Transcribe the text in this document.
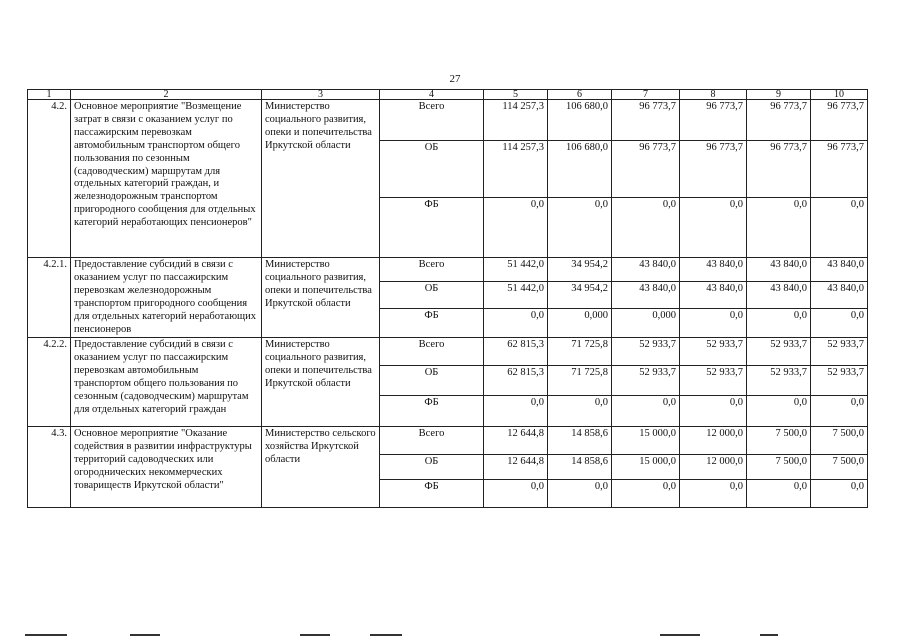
27
1	2	3	4	5	6	7	8	9	10
4.2.	Основное мероприятие "Возмещение затрат в связи с оказанием услуг по пассажирским перевозкам автомобильным транспортом общего пользования по сезонным (садоводческим) маршрутам для отдельных категорий граждан, и железнодорожным транспортом пригородного сообщения для отдельных категорий неработающих пенсионеров"	Министерство социального развития, опеки и попечительства Иркутской области	Всего	114 257,3	106 680,0	96 773,7	96 773,7	96 773,7	96 773,7
			ОБ	114 257,3	106 680,0	96 773,7	96 773,7	96 773,7	96 773,7
			ФБ	0,0	0,0	0,0	0,0	0,0	0,0
4.2.1.	Предоставление субсидий в связи с оказанием услуг по пассажирским перевозкам железнодорожным транспортом пригородного сообщения для отдельных категорий неработающих пенсионеров	Министерство социального развития, опеки и попечительства Иркутской области	Всего	51 442,0	34 954,2	43 840,0	43 840,0	43 840,0	43 840,0
			ОБ	51 442,0	34 954,2	43 840,0	43 840,0	43 840,0	43 840,0
			ФБ	0,0	0,000	0,000	0,0	0,0	0,0
4.2.2.	Предоставление субсидий в связи с оказанием услуг по пассажирским перевозкам автомобильным транспортом общего пользования по сезонным (садоводческим) маршрутам для отдельных категорий граждан	Министерство социального развития, опеки и попечительства Иркутской области	Всего	62 815,3	71 725,8	52 933,7	52 933,7	52 933,7	52 933,7
			ОБ	62 815,3	71 725,8	52 933,7	52 933,7	52 933,7	52 933,7
			ФБ	0,0	0,0	0,0	0,0	0,0	0,0
4.3.	Основное мероприятие "Оказание содействия в развитии инфраструктуры территорий садоводческих или огороднических некоммерческих товариществ Иркутской области"	Министерство сельского хозяйства Иркутской области	Всего	12 644,8	14 858,6	15 000,0	12 000,0	7 500,0	7 500,0
			ОБ	12 644,8	14 858,6	15 000,0	12 000,0	7 500,0	7 500,0
			ФБ	0,0	0,0	0,0	0,0	0,0	0,0
